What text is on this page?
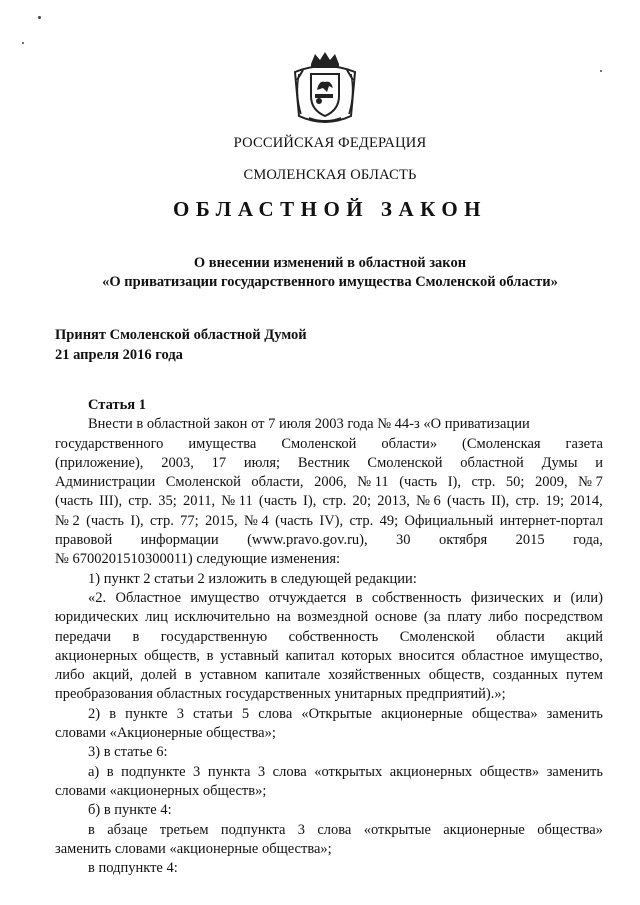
РОССИЙСКАЯ ФЕДЕРАЦИЯ
СМОЛЕНСКАЯ ОБЛАСТЬ
ОБЛАСТНОЙ ЗАКОН
О внесении изменений в областной закон
«О приватизации государственного имущества Смоленской области»
Принят Смоленской областной Думой
21 апреля 2016 года
Статья 1
Внести в областной закон от 7 июля 2003 года № 44-з «О приватизации
государственного имущества Смоленской области» (Смоленская газета
(приложение), 2003, 17 июля; Вестник Смоленской областной Думы и
Администрации Смоленской области, 2006, № 11 (часть I), стр. 50; 2009, № 7
(часть III), стр. 35; 2011, № 11 (часть I), стр. 20; 2013, № 6 (часть II), стр. 19; 2014,
№ 2 (часть I), стр. 77; 2015, № 4 (часть IV), стр. 49; Официальный интернет-портал
правовой информации (www.pravo.gov.ru), 30 октября 2015 года,
№ 6700201510300011) следующие изменения:
1) пункт 2 статьи 2 изложить в следующей редакции:
«2. Областное имущество отчуждается в собственность физических и (или)
юридических лиц исключительно на возмездной основе (за плату либо посредством
передачи в государственную собственность Смоленской области акций
акционерных обществ, в уставный капитал которых вносится областное имущество,
либо акций, долей в уставном капитале хозяйственных обществ, созданных путем
преобразования областных государственных унитарных предприятий).»;
2) в пункте 3 статьи 5 слова «Открытые акционерные общества» заменить
словами «Акционерные общества»;
3) в статье 6:
а) в подпункте 3 пункта 3 слова «открытых акционерных обществ» заменить
словами «акционерных обществ»;
б) в пункте 4:
в абзаце третьем подпункта 3 слова «открытые акционерные общества»
заменить словами «акционерные общества»;
в подпункте 4:
